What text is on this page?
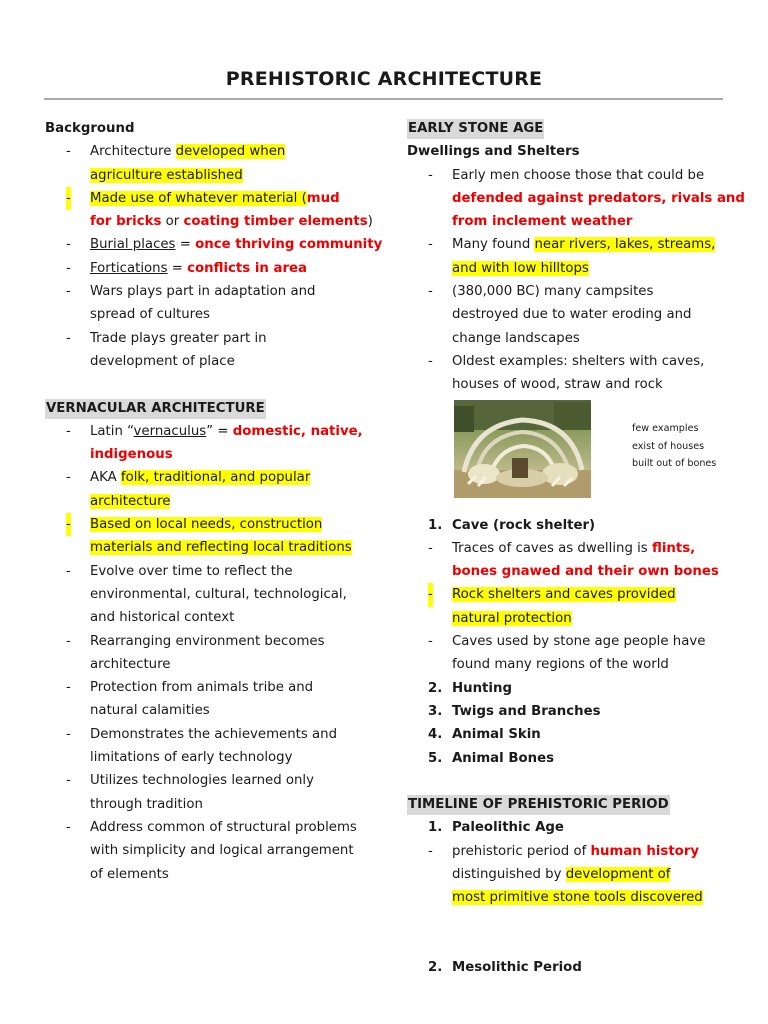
PREHISTORIC ARCHITECTURE

Background

- Architecture developed when

agriculture established

- Made use of whatever material (mud

for bricks or coating timber elements)

- Burial places = once thriving community

- Fortications = conflicts in area

- Wars plays part in adaptation and

spread of cultures

- Trade plays greater part in

development of place

VERNACULAR ARCHITECTURE

- Latin “vernaculus” = domestic, native,

indigenous

- AKA folk, traditional, and popular

architecture

- Based on local needs, construction

materials and reflecting local traditions

- Evolve over time to reflect the

environmental, cultural, technological,

and historical context

- Rearranging environment becomes

architecture

- Protection from animals tribe and

natural calamities

- Demonstrates the achievements and

limitations of early technology

- Utilizes technologies learned only

through tradition

- Address common of structural problems

with simplicity and logical arrangement

of elements

EARLY STONE AGE

Dwellings and Shelters

- Early men choose those that could be

defended against predators, rivals and

from inclement weather

- Many found near rivers, lakes, streams,

and with low hilltops

- (380,000 BC) many campsites

destroyed due to water eroding and

change landscapes

- Oldest examples: shelters with caves,

houses of wood, straw and rock

1. Cave (rock shelter)

- Traces of caves as dwelling is flints,

bones gnawed and their own bones

- Rock shelters and caves provided

natural protection

- Caves used by stone age people have

found many regions of the world

2. Hunting

3. Twigs and Branches

4. Animal Skin

5. Animal Bones

TIMELINE OF PREHISTORIC PERIOD

1. Paleolithic Age

- prehistoric period of human history

distinguished by development of

most primitive stone tools discovered

2. Mesolithic Period

few examples
exist of houses
built out of bones
